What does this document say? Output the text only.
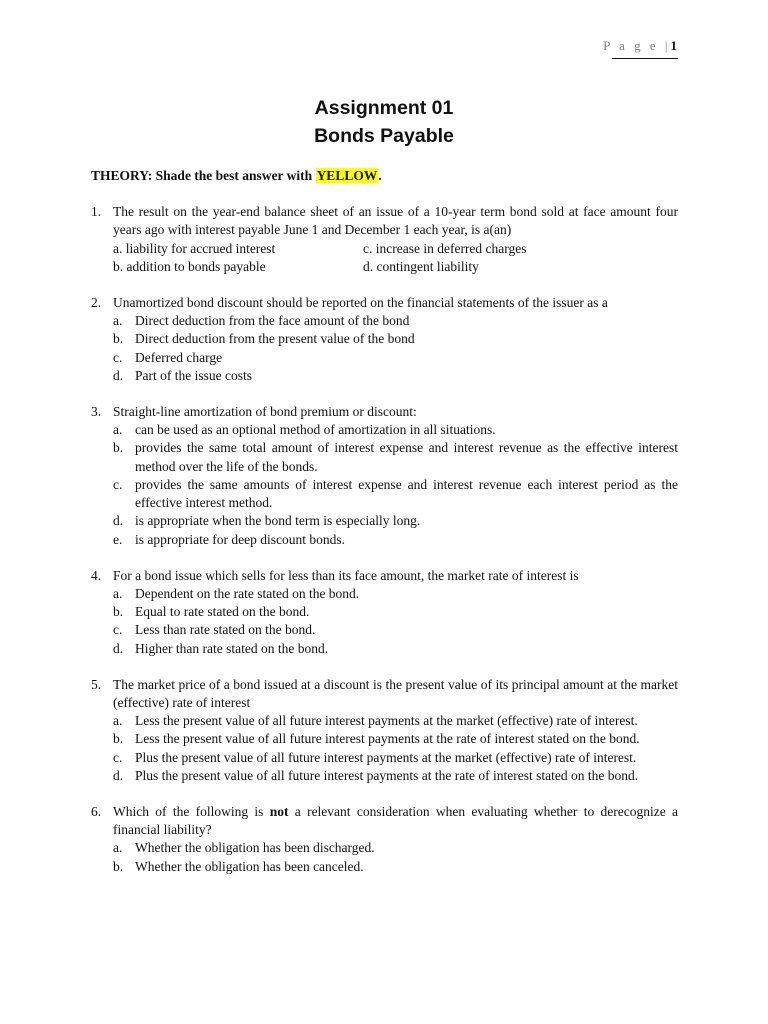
P a g e |1
Assignment 01
Bonds Payable
THEORY: Shade the best answer with YELLOW.
1. The result on the year-end balance sheet of an issue of a 10-year term bond sold at face amount four years ago with interest payable June 1 and December 1 each year, is a(an)
a. liability for accrued interest	c. increase in deferred charges
b. addition to bonds payable	d. contingent liability
2. Unamortized bond discount should be reported on the financial statements of the issuer as a
a. Direct deduction from the face amount of the bond
b. Direct deduction from the present value of the bond
c. Deferred charge
d. Part of the issue costs
3. Straight-line amortization of bond premium or discount:
a. can be used as an optional method of amortization in all situations.
b. provides the same total amount of interest expense and interest revenue as the effective interest method over the life of the bonds.
c. provides the same amounts of interest expense and interest revenue each interest period as the effective interest method.
d. is appropriate when the bond term is especially long.
e. is appropriate for deep discount bonds.
4. For a bond issue which sells for less than its face amount, the market rate of interest is
a. Dependent on the rate stated on the bond.
b. Equal to rate stated on the bond.
c. Less than rate stated on the bond.
d. Higher than rate stated on the bond.
5. The market price of a bond issued at a discount is the present value of its principal amount at the market (effective) rate of interest
a. Less the present value of all future interest payments at the market (effective) rate of interest.
b. Less the present value of all future interest payments at the rate of interest stated on the bond.
c. Plus the present value of all future interest payments at the market (effective) rate of interest.
d. Plus the present value of all future interest payments at the rate of interest stated on the bond.
6. Which of the following is not a relevant consideration when evaluating whether to derecognize a financial liability?
a. Whether the obligation has been discharged.
b. Whether the obligation has been canceled.
